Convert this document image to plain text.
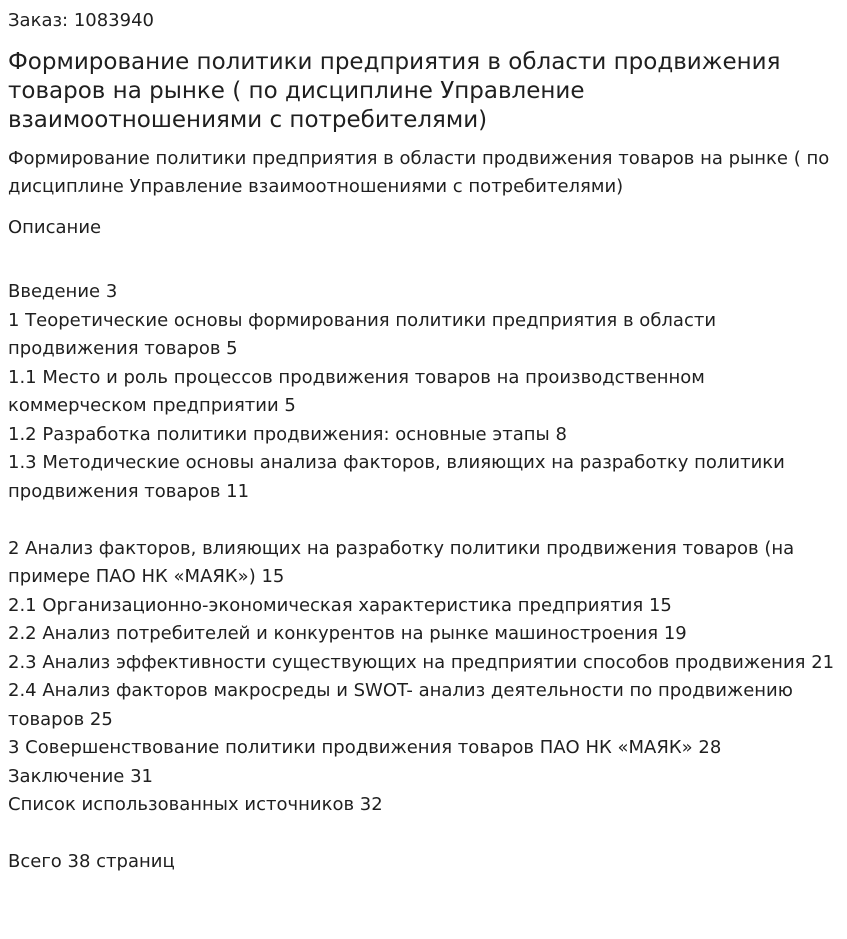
Заказ: 1083940

Формирование политики предприятия в области продвижения товаров на рынке ( по дисциплине Управление взаимоотношениями с потребителями)

Формирование политики предприятия в области продвижения товаров на рынке ( по дисциплине Управление взаимоотношениями с потребителями)

Описание

Введение 3
1 Теоретические основы формирования политики предприятия в области продвижения товаров 5
1.1 Место и роль процессов продвижения товаров на производственном коммерческом предприятии 5
1.2 Разработка политики продвижения: основные этапы 8
1.3 Методические основы анализа факторов, влияющих на разработку политики продвижения товаров 11
2 Анализ факторов, влияющих на разработку политики продвижения товаров (на примере ПАО НК «МАЯК») 15
2.1 Организационно-экономическая характеристика предприятия 15
2.2 Анализ потребителей и конкурентов на рынке машиностроения 19
2.3 Анализ эффективности существующих на предприятии способов продвижения 21
2.4 Анализ факторов макросреды и SWOT- анализ деятельности по продвижению товаров 25
3 Совершенствование политики продвижения товаров ПАО НК «МАЯК» 28
Заключение 31
Список использованных источников 32

Всего 38 страниц
